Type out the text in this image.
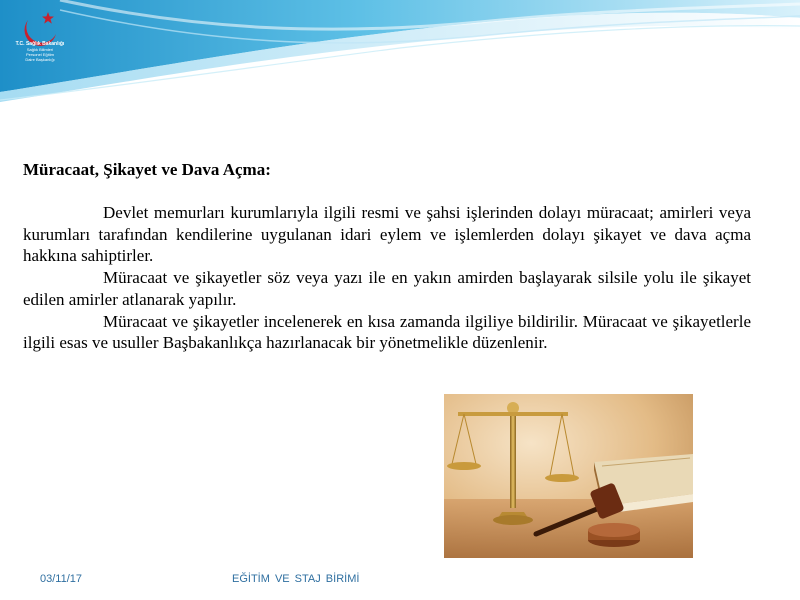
T.C. Sağlık Bakanlığı
Sağlık Bilimleri
Personel Eğitim
Daire Başkanlığı
Müracaat, Şikayet ve Dava Açma:

Devlet memurları kurumlarıyla ilgili resmi ve şahsi işlerinden dolayı müracaat; amirleri veya kurumları tarafından kendilerine uygulanan idari eylem ve işlemlerden dolayı şikayet ve dava açma hakkına sahiptirler.

Müracaat ve şikayetler söz veya yazı ile en yakın amirden başlayarak silsile yolu ile şikayet edilen amirler atlanarak yapılır.

Müracaat ve şikayetler incelenerek en kısa zamanda ilgiliye bildirilir. Müracaat ve şikayetlerle ilgili esas ve usuller Başbakanlıkça hazırlanacak bir yönetmelikle düzenlenir.

03/11/17	EĞİTİM VE STAJ BİRİMİ
